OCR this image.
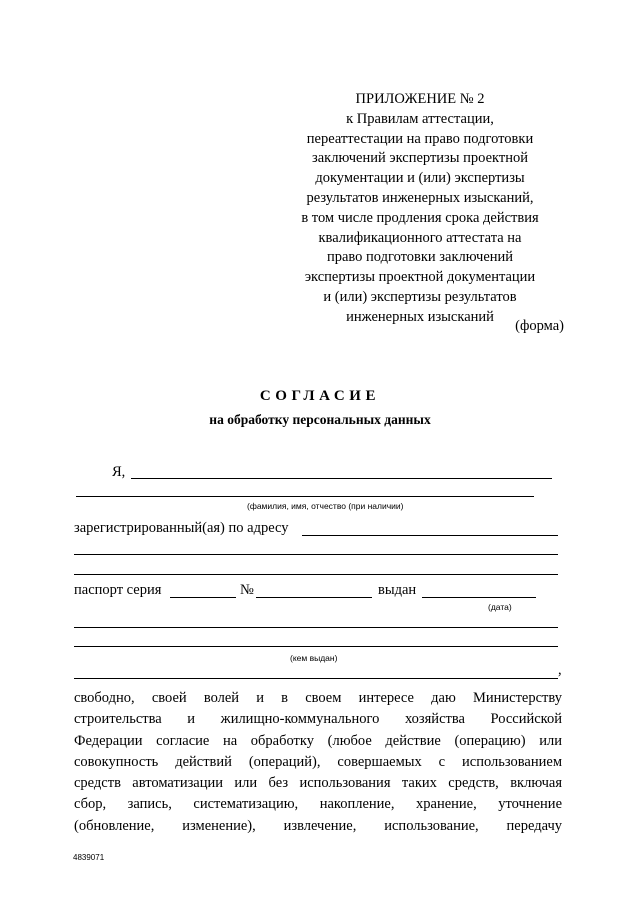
ПРИЛОЖЕНИЕ № 2
к Правилам аттестации,
переаттестации на право подготовки
заключений экспертизы проектной
документации и (или) экспертизы
результатов инженерных изысканий,
в том числе продления срока действия
квалификационного аттестата на
право подготовки заключений
экспертизы проектной документации
и (или) экспертизы результатов
инженерных изысканий
(форма)
СОГЛАСИЕ
на обработку персональных данных
Я,
(фамилия, имя, отчество (при наличии)
зарегистрированный(ая) по адресу
паспорт серия	№	выдан
(дата)
(кем выдан)
,
свободно, своей волей и в своем интересе даю Министерству
строительства и жилищно-коммунального хозяйства Российской
Федерации согласие на обработку (любое действие (операцию) или
совокупность действий (операций), совершаемых с использованием
средств автоматизации или без использования таких средств, включая
сбор, запись, систематизацию, накопление, хранение, уточнение
(обновление, изменение), извлечение, использование, передачу
4839071
